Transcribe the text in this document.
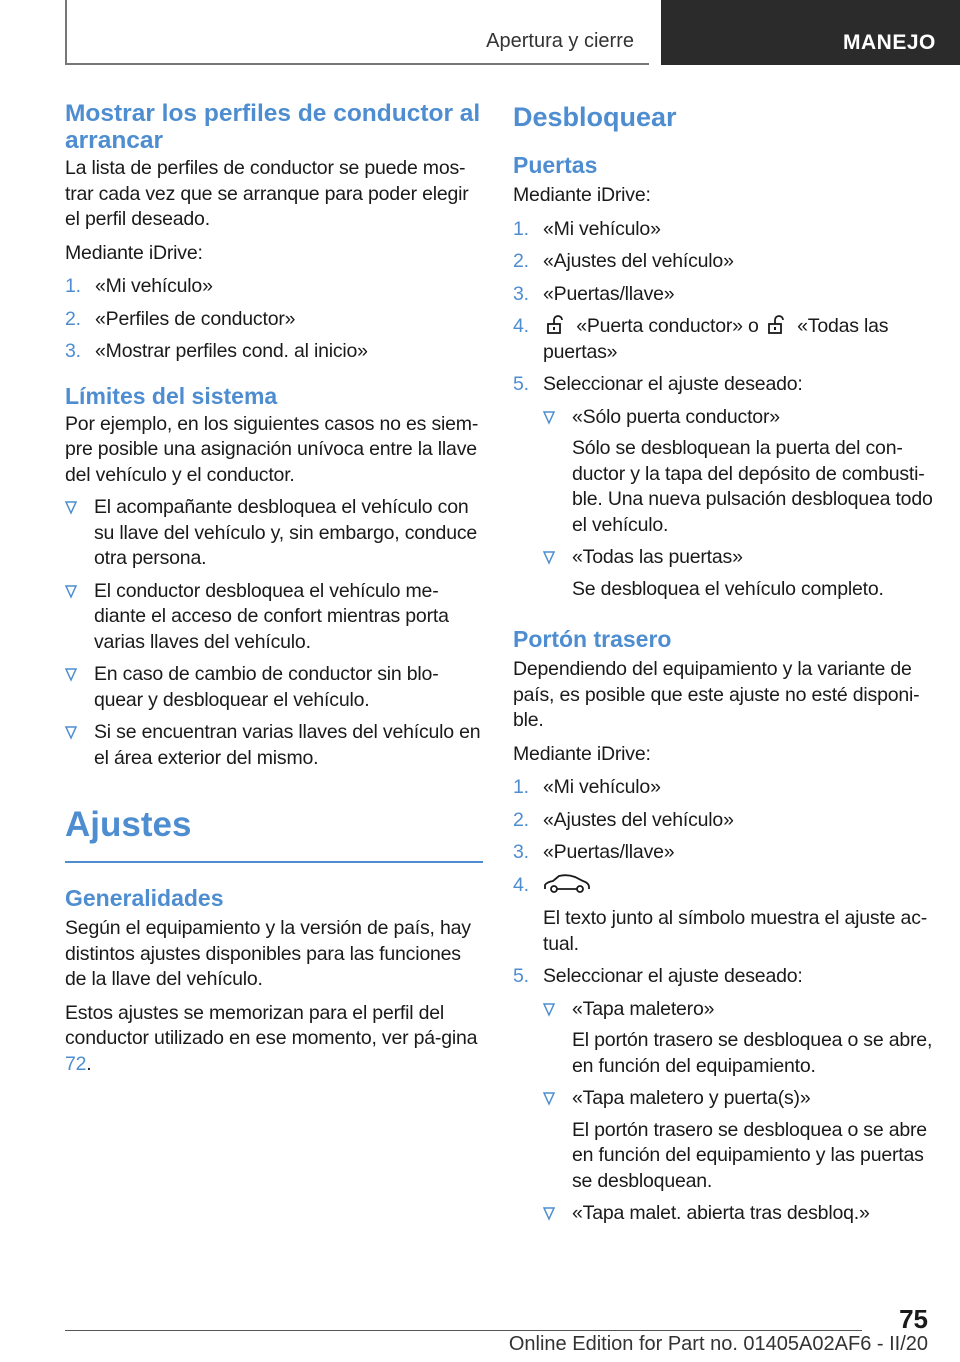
Apertura y cierre	MANEJO
Mostrar los perfiles de conductor al arrancar

La lista de perfiles de conductor se puede mos-trar cada vez que se arranque para poder elegir el perfil deseado.

Mediante iDrive:

1. «Mi vehículo»
2. «Perfiles de conductor»
3. «Mostrar perfiles cond. al inicio»
Límites del sistema

Por ejemplo, en los siguientes casos no es siem-pre posible una asignación unívoca entre la llave del vehículo y el conductor.

El acompañante desbloquea el vehículo con su llave del vehículo y, sin embargo, conduce otra persona.
El conductor desbloquea el vehículo me-diante el acceso de confort mientras porta varias llaves del vehículo.
En caso de cambio de conductor sin blo-quear y desbloquear el vehículo.
Si se encuentran varias llaves del vehículo en el área exterior del mismo.
Ajustes
Generalidades

Según el equipamiento y la versión de país, hay distintos ajustes disponibles para las funciones de la llave del vehículo.

Estos ajustes se memorizan para el perfil del conductor utilizado en ese momento, ver pá-gina 72.

Desbloquear
Puertas

Mediante iDrive:

1. «Mi vehículo»
2. «Ajustes del vehículo»
3. «Puertas/llave»
4. «Puerta conductor» o «Todas las puertas»
5. Seleccionar el ajuste deseado:
«Sólo puerta conductor»
Sólo se desbloquean la puerta del con-ductor y la tapa del depósito de combusti-ble. Una nueva pulsación desbloquea todo el vehículo.
«Todas las puertas»
Se desbloquea el vehículo completo.
Portón trasero

Dependiendo del equipamiento y la variante de país, es posible que este ajuste no esté disponi-ble.

Mediante iDrive:

1. «Mi vehículo»
2. «Ajustes del vehículo»
3. «Puertas/llave»
4.
El texto junto al símbolo muestra el ajuste ac-tual.
5. Seleccionar el ajuste deseado:
«Tapa maletero»
El portón trasero se desbloquea o se abre, en función del equipamiento.
«Tapa maletero y puerta(s)»
El portón trasero se desbloquea o se abre en función del equipamiento y las puertas se desbloquean.
«Tapa malet. abierta tras desbloq.»
75
Online Edition for Part no. 01405A02AF6 - II/20
